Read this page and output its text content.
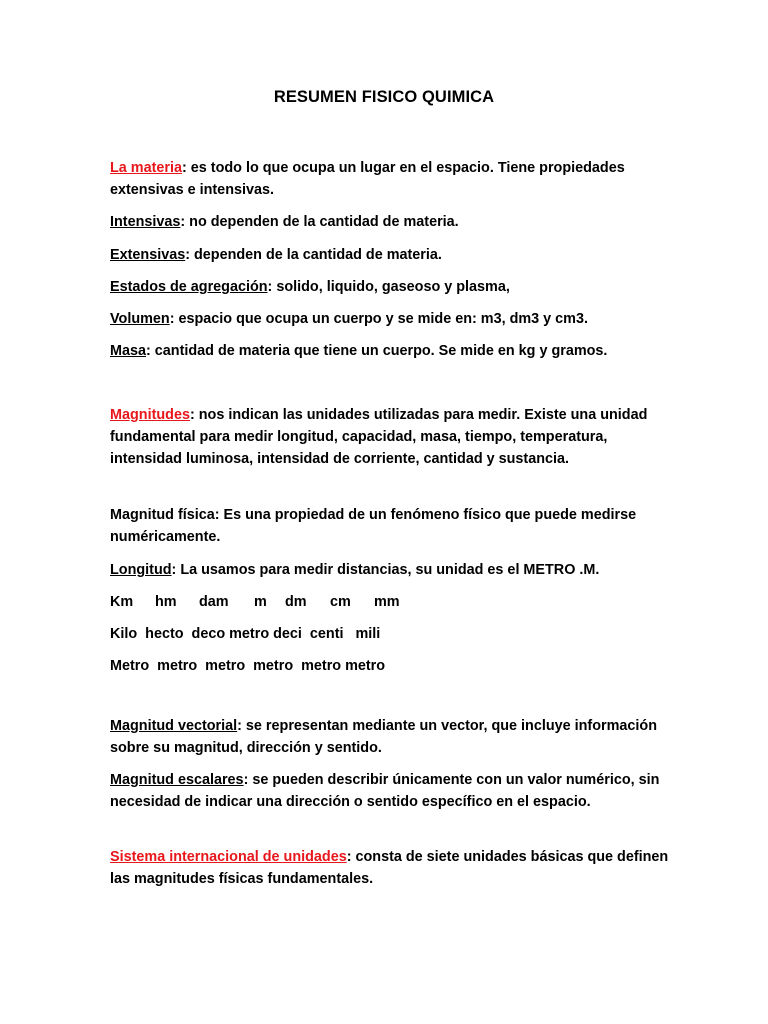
RESUMEN FISICO QUIMICA
La materia: es todo lo que ocupa un lugar en el espacio. Tiene propiedades extensivas e intensivas.
Intensivas: no dependen de la cantidad de materia.
Extensivas: dependen de la cantidad de materia.
Estados de agregación: solido, liquido, gaseoso y plasma,
Volumen: espacio que ocupa un cuerpo y se mide en: m3, dm3 y cm3.
Masa: cantidad de materia que tiene un cuerpo. Se mide en kg y gramos.
Magnitudes: nos indican las unidades utilizadas para medir. Existe una unidad fundamental para medir longitud, capacidad, masa, tiempo, temperatura, intensidad luminosa, intensidad de corriente, cantidad y sustancia.
Magnitud física: Es una propiedad de un fenómeno físico que puede medirse numéricamente.
Longitud: La usamos para medir distancias, su unidad es el METRO .M.
Km hm dam m dm cm mm
Kilo  hecto  deco metro deci  centi   mili
Metro  metro  metro  metro  metro metro
Magnitud vectorial: se representan mediante un vector, que incluye información sobre su magnitud, dirección y sentido.
Magnitud escalares: se pueden describir únicamente con un valor numérico, sin necesidad de indicar una dirección o sentido específico en el espacio.
Sistema internacional de unidades: consta de siete unidades básicas que definen las magnitudes físicas fundamentales.
